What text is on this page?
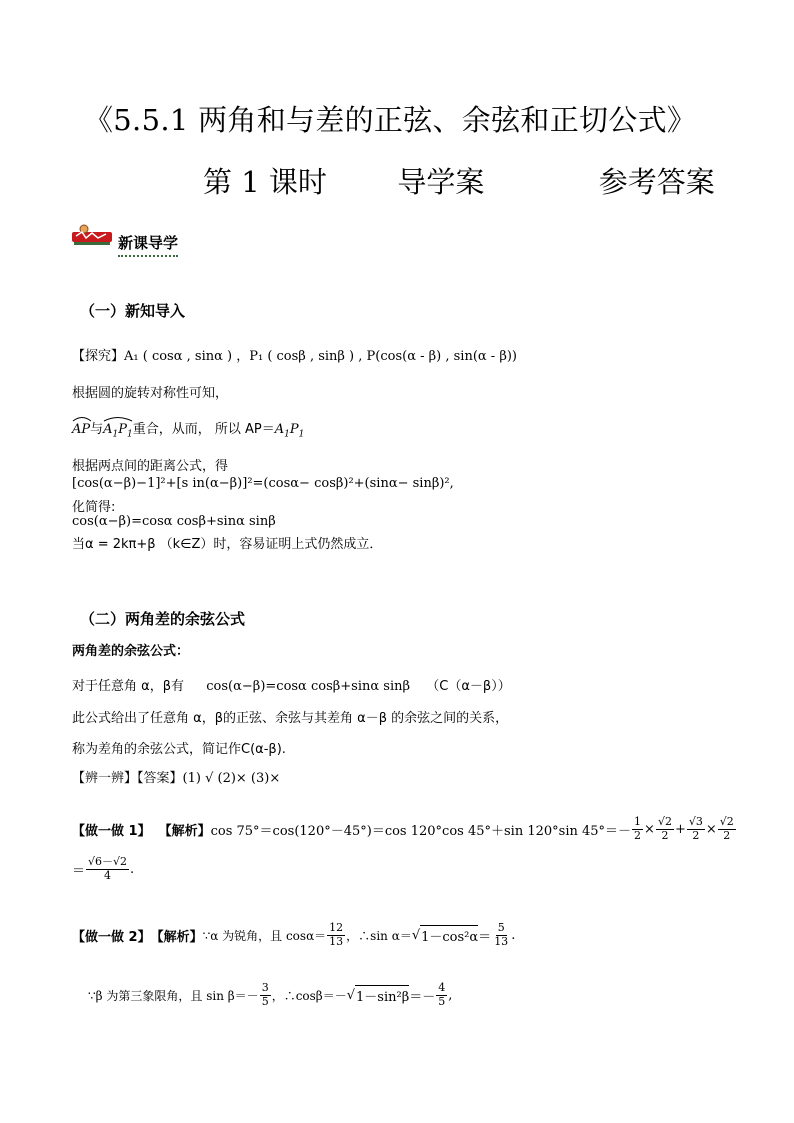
《5.5.1 两角和与差的正弦、余弦和正切公式》
第 1 课时 导学案	参考答案
新课导学
（一）新知导入
【探究】A₁ ( cosα , sinα ) ，P₁ ( cosβ , sinβ ) , P(cos(α - β) , sin(α - β))
根据圆的旋转对称性可知，
AP
与$A_1P_1$
重合，从而， 所以 $AP=A_1P_1$
根据两点间的距离公式，得
[cos(α−β)−1]²+[s in(α−β)]²=(cosα− cosβ)²+(sinα− sinβ)²,
化简得:
cos(α−β)=cosα cosβ+sinα sinβ
当α = 2kπ+β （k∈Z）时，容易证明上式仍然成立．
（二）两角差的余弦公式
两角差的余弦公式：
对于任意角 α，β有 cos(α−β)=cosα cosβ+sinα sinβ （C（α－β））
此公式给出了任意角 α，β的正弦、余弦与其差角 α－β 的余弦之间的关系，
称为差角的余弦公式，简记作C(α-β).
【辨一辨】【答案】(1) √ (2)× (3)×
【做一做 1】 【解析】 cos 75°＝cos(120°－45°)＝cos 120°cos 45°＋sin 120°sin $45^\circ=- \frac{1}{2} \times \frac{√2}{2} + \frac{√3}{2} \times \frac{√2}{2}$
＝ $\frac{√6-√2}{4}$ .
【做一做 2】 【解析】 ∵α 为锐角，且 $\cos\alpha= \frac{12}{13}$ ，∴sin α＝ √ $1-\cos^2\alpha = \frac{5}{13}$ .
∵β 为第三象限角，且 $\sin \beta=- \frac{3}{5}$ ，∴cosβ＝－ √ $1-\sin^2\beta =- \frac{4}{5}$ ,
